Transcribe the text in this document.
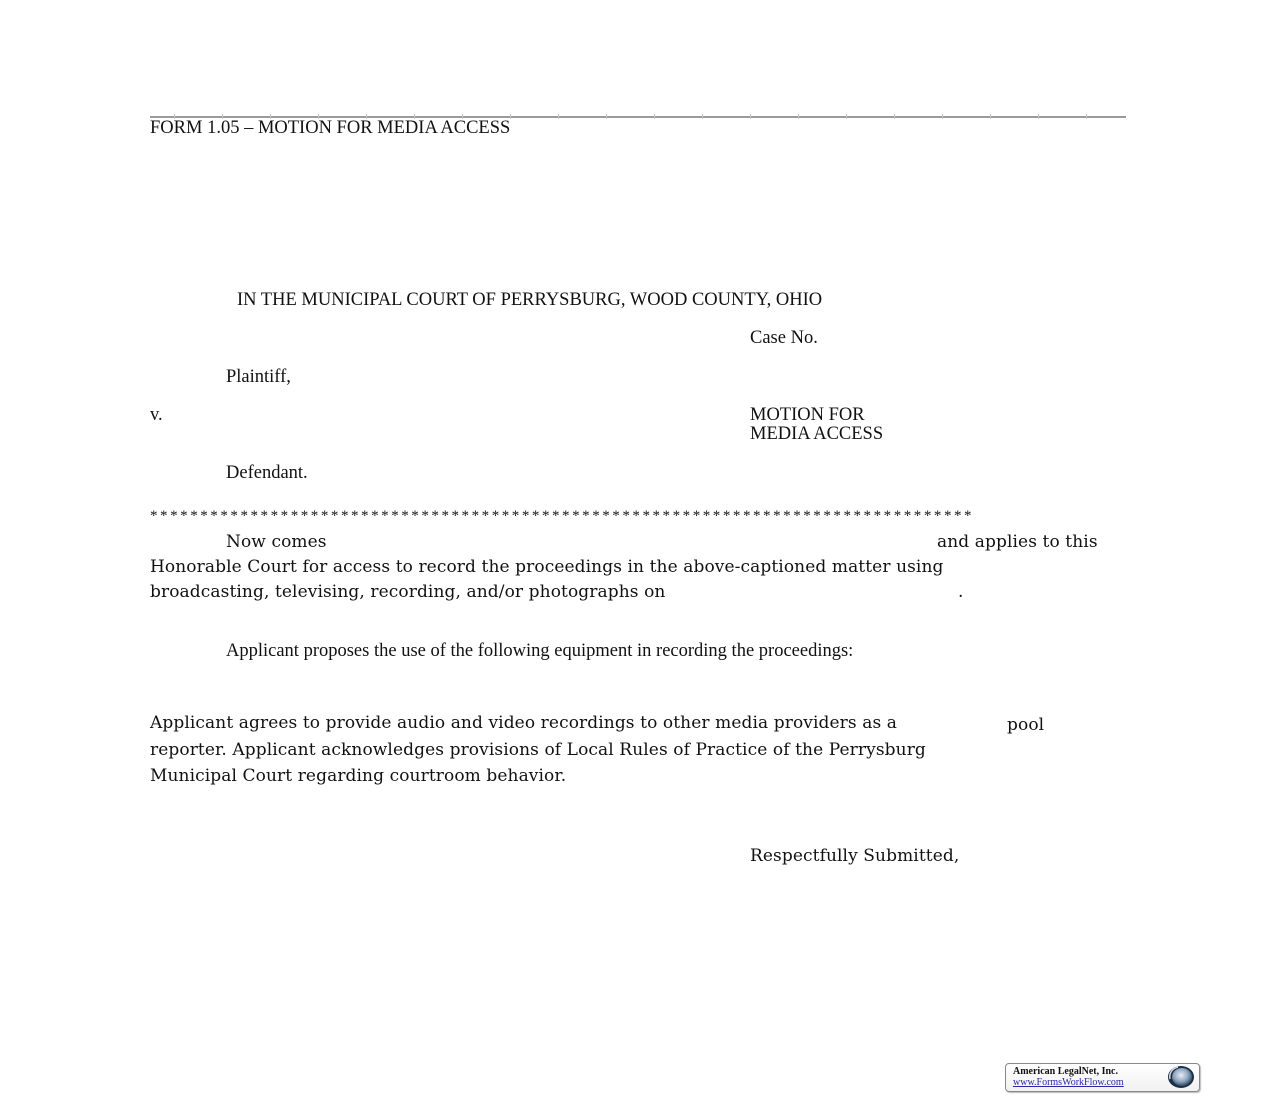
FORM 1.05 – MOTION FOR MEDIA ACCESS
IN THE MUNICIPAL COURT OF PERRYSBURG, WOOD COUNTY, OHIO
Case No.
Plaintiff,
v.	MOTION FOR
MEDIA ACCESS
Defendant.
**********************************************************************************
Now comes	and applies to this
Honorable Court for access to record the proceedings in the above-captioned matter using
broadcasting, televising, recording, and/or photographs on	.
Applicant proposes the use of the following equipment in recording the proceedings:
Applicant agrees to provide audio and video recordings to other media providers as a	pool
reporter. Applicant acknowledges provisions of Local Rules of Practice of the Perrysburg
Municipal Court regarding courtroom behavior.
Respectfully Submitted,
American LegalNet, Inc.
www.FormsWorkFlow.com
